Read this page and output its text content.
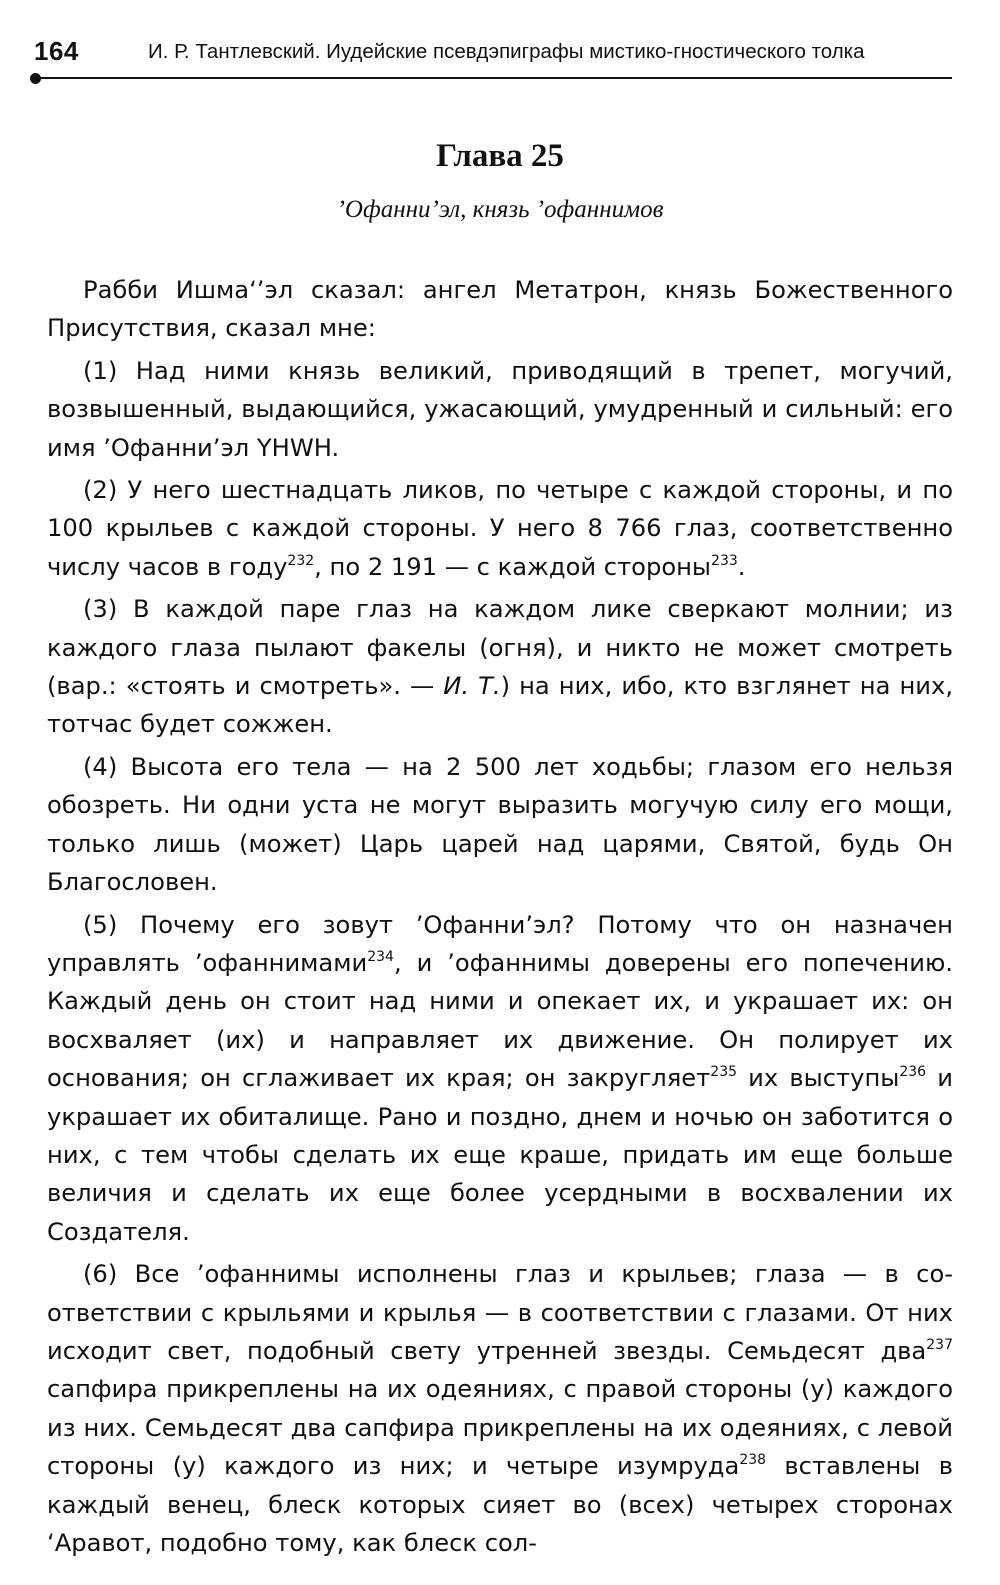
164	И. Р. Тантлевский. Иудейские псевдэпиграфы мистико-гностического толка
Глава 25
’Офанни’эл, князь ’офаннимов

Рабби Ишма‘’эл сказал: ангел Метатрон, князь Божественного Присутствия, сказал мне:

(1) Над ними князь великий, приводящий в трепет, могучий, возвышенный, выдающийся, ужасающий, умудренный и сильный: его имя ’Офанни’эл YHWH.

(2) У него шестнадцать ликов, по четыре с каждой стороны, и по 100 крыльев с каждой стороны. У него 8 766 глаз, соответственно числу часов в году$^{232}$, по 2 191 — с каждой стороны$^{233}$.

(3) В каждой паре глаз на каждом лике сверкают молнии; из каждого глаза пылают факелы (огня), и никто не может смотреть (вар.: «стоять и смотреть». — И. Т.) на них, ибо, кто взглянет на них, тотчас будет сожжен.

(4) Высота его тела — на 2 500 лет ходьбы; глазом его нельзя обозреть. Ни одни уста не могут выразить могучую силу его мощи, только лишь (может) Царь царей над царями, Святой, будь Он Благословен.

(5) Почему его зовут ’Офанни’эл? Потому что он назначен управлять ’офаннимами$^{234}$, и ’офаннимы доверены его попечению. Каждый день он стоит над ними и опекает их, и украшает их: он восхваляет (их) и направляет их движение. Он полирует их основания; он сглаживает их края; он закругляет$^{235}$ их выступы$^{236}$ и украшает их обиталище. Рано и поздно, днем и ночью он заботится о них, с тем чтобы сделать их еще краше, придать им еще больше величия и сделать их еще более усердными в восхвалении их Создателя.

(6) Все ’офаннимы исполнены глаз и крыльев; глаза — в соответствии с крыльями и крылья — в соответствии с глазами. От них исходит свет, подобный свету утренней звезды. Семьдесят два$^{237}$ сапфира прикреплены на их одеяниях, с правой стороны (у) каждого из них. Семьдесят два сапфира прикреплены на их одеяниях, с левой стороны (у) каждого из них; и четыре изумруда$^{238}$ вставлены в каждый венец, блеск которых сияет во (всех) четырех сторонах ‘Аравот, подобно тому, как блеск сол-
